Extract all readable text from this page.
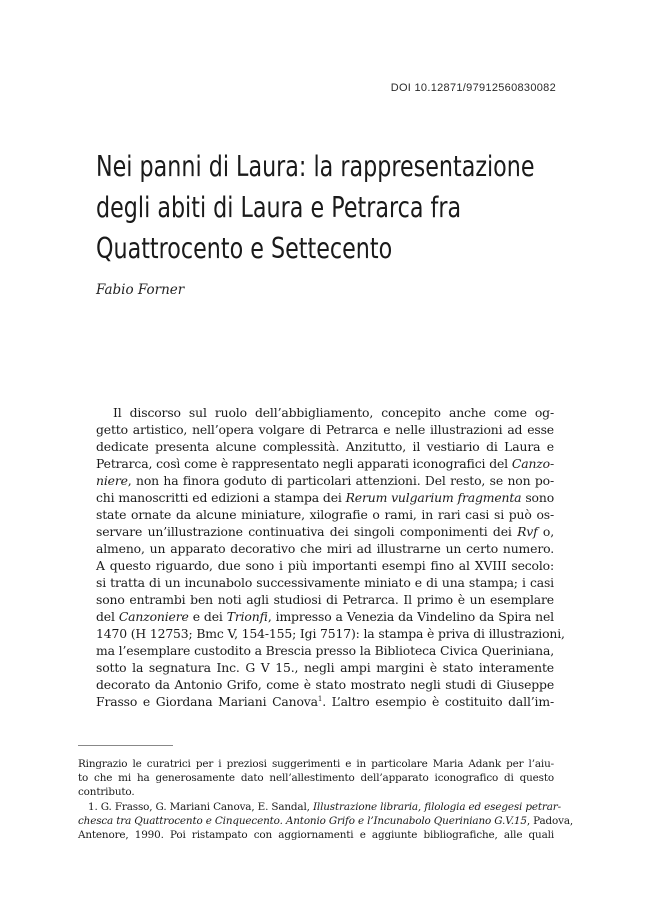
DOI 10.12871/97912560830082
Nei panni di Laura: la rappresentazione
degli abiti di Laura e Petrarca fra
Quattrocento e Settecento
Fabio Forner
Il discorso sul ruolo dell’abbigliamento, concepito anche come og-
getto artistico, nell’opera volgare di Petrarca e nelle illustrazioni ad esse
dedicate presenta alcune complessità. Anzitutto, il vestiario di Laura e
Petrarca, così come è rappresentato negli apparati iconografici del Canzo-
niere, non ha finora goduto di particolari attenzioni. Del resto, se non po-
chi manoscritti ed edizioni a stampa dei Rerum vulgarium fragmenta sono
state ornate da alcune miniature, xilografie o rami, in rari casi si può os-
servare un’illustrazione continuativa dei singoli componimenti dei Rvf o,
almeno, un apparato decorativo che miri ad illustrarne un certo numero.
A questo riguardo, due sono i più importanti esempi fino al XVIII secolo:
si tratta di un incunabolo successivamente miniato e di una stampa; i casi
sono entrambi ben noti agli studiosi di Petrarca. Il primo è un esemplare
del Canzoniere e dei Trionfi, impresso a Venezia da Vindelino da Spira nel
1470 (H 12753; Bmc V, 154-155; Igi 7517): la stampa è priva di illustrazioni,
ma l’esemplare custodito a Brescia presso la Biblioteca Civica Queriniana,
sotto la segnatura Inc. G V 15., negli ampi margini è stato interamente
decorato da Antonio Grifo, come è stato mostrato negli studi di Giuseppe
Frasso e Giordana Mariani Canova$^1$. L’altro esempio è costituito dall’im-
Ringrazio le curatrici per i preziosi suggerimenti e in particolare Maria Adank per l’aiu-
to che mi ha generosamente dato nell’allestimento dell’apparato iconografico di questo
contributo.
1. G. Frasso, G. Mariani Canova, E. Sandal, Illustrazione libraria, filologia ed esegesi petrar-
chesca tra Quattrocento e Cinquecento. Antonio Grifo e l’Incunabolo Queriniano G.V.15, Padova,
Antenore, 1990. Poi ristampato con aggiornamenti e aggiunte bibliografiche, alle quali
